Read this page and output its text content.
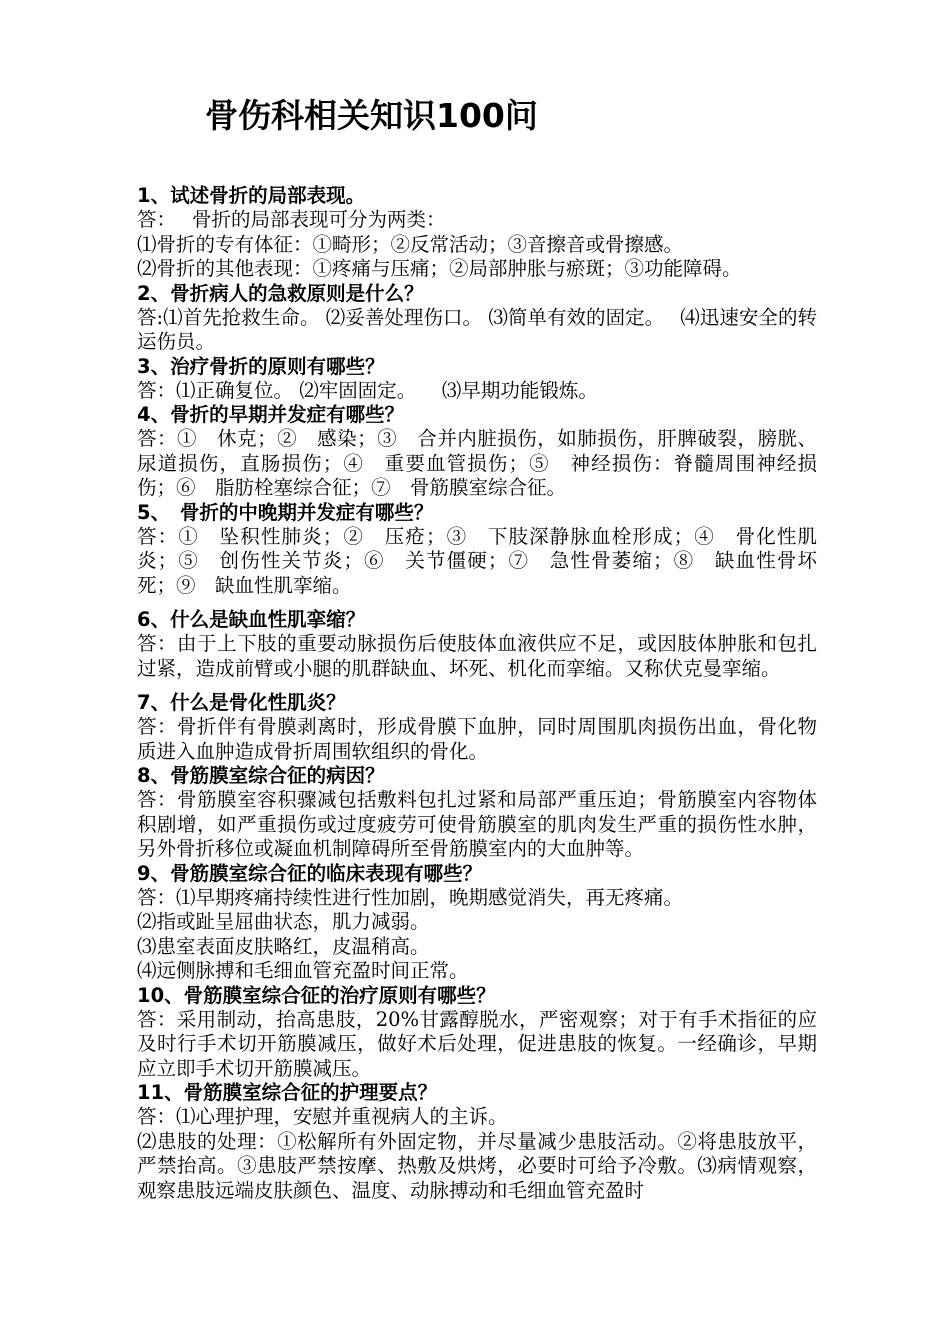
骨伤科相关知识100问

1、试述骨折的局部表现。

答：　 骨折的局部表现可分为两类：

⑴骨折的专有体征：①畸形；②反常活动；③音擦音或骨擦感。

⑵骨折的其他表现：①疼痛与压痛；②局部肿胀与瘀斑；③功能障碍。

2、骨折病人的急救原则是什么？

答:⑴首先抢救生命。 ⑵妥善处理伤口。 ⑶简单有效的固定。　 ⑷迅速安全的转运伤员。

3、治疗骨折的原则有哪些？

答：⑴正确复位。 ⑵牢固固定。 　⑶早期功能锻炼。

4、骨折的早期并发症有哪些？

答：①　休克；②　感染；③　合并内脏损伤，如肺损伤，肝脾破裂，膀胱、尿道损伤，直肠损伤；④　重要血管损伤；⑤　神经损伤：脊髓周围神经损伤；⑥　脂肪栓塞综合征；⑦　骨筋膜室综合征。

5、　骨折的中晚期并发症有哪些？

答：①　坠积性肺炎；②　压疮；③　下肢深静脉血栓形成；④　骨化性肌炎；⑤　创伤性关节炎；⑥　关节僵硬；⑦　急性骨萎缩；⑧　缺血性骨坏死；⑨　缺血性肌挛缩。

6、什么是缺血性肌挛缩？

答：由于上下肢的重要动脉损伤后使肢体血液供应不足，或因肢体肿胀和包扎过紧，造成前臂或小腿的肌群缺血、坏死、机化而挛缩。又称伏克曼挛缩。

7、什么是骨化性肌炎？

答：骨折伴有骨膜剥离时，形成骨膜下血肿，同时周围肌肉损伤出血，骨化物质进入血肿造成骨折周围软组织的骨化。

8、骨筋膜室综合征的病因？

答：骨筋膜室容积骤减包括敷料包扎过紧和局部严重压迫；骨筋膜室内容物体积剧增，如严重损伤或过度疲劳可使骨筋膜室的肌肉发生严重的损伤性水肿，另外骨折移位或凝血机制障碍所至骨筋膜室内的大血肿等。

9、骨筋膜室综合征的临床表现有哪些？

答：⑴早期疼痛持续性进行性加剧，晚期感觉消失，再无疼痛。

⑵指或趾呈屈曲状态，肌力减弱。

⑶患室表面皮肤略红，皮温稍高。

⑷远侧脉搏和毛细血管充盈时间正常。

10、骨筋膜室综合征的治疗原则有哪些？

答：采用制动，抬高患肢，20%甘露醇脱水，严密观察；对于有手术指征的应及时行手术切开筋膜减压，做好术后处理，促进患肢的恢复。一经确诊，早期应立即手术切开筋膜减压。

11、骨筋膜室综合征的护理要点？

答：⑴心理护理，安慰并重视病人的主诉。

⑵患肢的处理：①松解所有外固定物，并尽量减少患肢活动。②将患肢放平，严禁抬高。③患肢严禁按摩、热敷及烘烤，必要时可给予冷敷。⑶病情观察，观察患肢远端皮肤颜色、温度、动脉搏动和毛细血管充盈时
